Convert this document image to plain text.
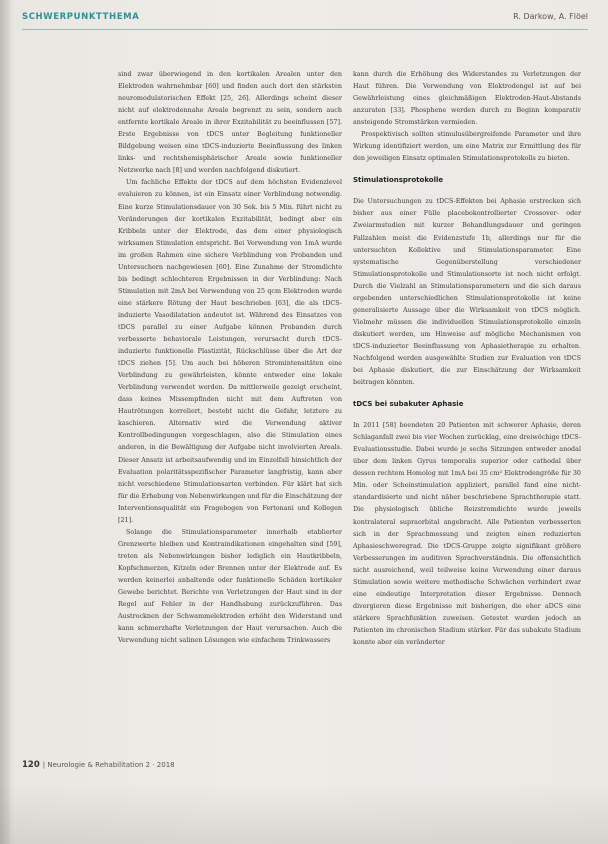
SCHWERPUNKTTHEMA	R. Darkow, A. Flöel

sind zwar überwiegend in den kortikalen Arealen unter den Elektroden wahrnehmbar [60] und finden auch dort den stärksten neuromodulatorischen Effekt [25, 26]. Allerdings scheint dieser nicht auf elektrodennahe Areale begrenzt zu sein, sondern auch entfernte kortikale Areale in ihrer Exzitabilität zu beeinflussen [57]. Erste Ergebnisse von tDCS unter Begleitung funktioneller Bildgebung weisen eine tDCS-induzierte Beeinflussung des linken links- und rechtshemisphärischer Areale sowie funktioneller Netzwerke nach [8] und werden nachfolgend diskutiert.

Um fachliche Effekte der tDCS auf dem höchsten Evidenzlevel evaluieren zu können, ist ein Einsatz einer Verblindung notwendig. Eine kurze Stimulationsdauer von 30 Sek. bis 5 Min. führt nicht zu Veränderungen der kortikalen Exzitabilität, bedingt aber ein Kribbeln unter der Elektrode, das dem einer physiologisch wirksamen Stimulation entspricht. Bei Verwendung von 1mA wurde im großen Rahmen eine sichere Verblindung von Probanden und Untersuchern nachgewiesen [60]. Eine Zunahme der Stromdichte bis bedingt schlechteren Ergebnissen in der Verblindung: Nach Stimulation mit 2mA bei Verwendung von 25 qcm Elektroden wurde eine stärkere Rötung der Haut beschrieben [63], die als tDCS-induzierte Vasodilatation andeutet ist. Während des Einsatzes von tDCS parallel zu einer Aufgabe können Probanden durch verbesserte behaviorale Leistungen, verursacht durch tDCS-induzierte funktionelle Plastizität, Rückschlüsse über die Art der tDCS ziehen [5]. Um auch bei höheren Stromintensitäten eine Verblindung zu gewährleisten, könnte entweder eine lokale Verblindung verwendet werden. Da mittlerweile gezeigt erscheint, dass keines Missempfinden nicht mit dem Auftreten von Hautrötungen korreliert, besteht nicht die Gefahr, letztere zu kaschieren. Alternativ wird die Verwendung aktiver Kontrollbedingungen vorgeschlagen, also die Stimulation eines anderen, in die Bewältigung der Aufgabe nicht involvierten Areals. Dieser Ansatz ist arbeitsaufwendig und im Einzelfall hinsichtlich der Evaluation polaritätsspezifischer Parameter langfristig, kann aber nicht verschiedene Stimulationsarten verbinden. Für klärt hat sich für die Erhebung von Nebenwirkungen und für die Einschätzung der Interventionsqualität ein Fragebogen von Fertonani und Kollegen [21].

Solange die Stimulationsparameter innerhalb etablierter Grenzwerte bleiben und Kontraindikationen eingehalten sind [59], treten als Nebenwirkungen bisher lediglich ein Hautkribbeln, Kopfschmerzen, Kitzeln oder Brennen unter der Elektrode auf. Es werden keinerlei anhaltende oder funktionelle Schäden kortikaler Gewebe berichtet. Berichte von Verletzungen der Haut sind in der Regel auf Fehler in der Handhabung zurückzuführen. Das Austrocknen der Schwammelektroden erhöht den Widerstand und kann schmerzhafte Verletzungen der Haut verursachen. Auch die Verwendung nicht salinen Lösungen wie einfachem Trinkwassers

kann durch die Erhöhung des Widerstandes zu Verletzungen der Haut führen. Die Verwendung von Elektrodengel ist auf bei Gewährleistung eines gleichmäßigen Elektroden-Haut-Abstands anzuraten [33]. Phosphene werden durch zu Beginn komparativ ansteigende Stromstärken vermieden.

Prospektivisch sollten stimulusübergreifende Parameter und ihre Wirkung identifiziert werden, um eine Matrix zur Ermittlung des für den jeweiligen Einsatz optimalen Stimulationsprotokolls zu bieten.

Stimulationsprotokolle

Die Untersuchungen zu tDCS-Effekten bei Aphasie erstrecken sich bisher aus einer Fülle placebokontrollierter Crossover- oder Zweiarmstudien mit kurzer Behandlungsdauer und geringen Fallzahlen meist die Evidenzstufe 1b, allerdings nur für die untersuchten Kollektive und Stimulationsparameter. Eine systematische Gegenüberstellung verschiedener Stimulationsprotokolle und Stimulationsorte ist noch nicht erfolgt. Durch die Vielzahl an Stimulationsparametern und die sich daraus ergebenden unterschiedlichen Stimulationsprotokolle ist keine generalisierte Aussage über die Wirksamkeit von tDCS möglich. Vielmehr müssen die individuellen Stimulationsprotokolle einzeln diskutiert werden, um Hinweise auf mögliche Mechanismen von tDCS-induzierter Beeinflussung von Aphasietherapie zu erhalten. Nachfolgend werden ausgewählte Studien zur Evaluation von tDCS bei Aphasie diskutiert, die zur Einschätzung der Wirksamkeit beitragen könnten.

tDCS bei subakuter Aphasie

In 2011 [58] beendeten 20 Patienten mit schwerer Aphasie, deren Schlaganfall zwei bis vier Wochen zurücklag, eine dreiwöchige tDCS-Evaluationsstudie. Dabei wurde je sechs Sitzungen entweder anodal über dem linken Gyrus temporalis superior oder cathodal über dessen rechtem Homolog mit 1mA bei 35 cm² Elektrodengröße für 30 Min. oder Scheinstimulation appliziert, parallel fand eine nicht-standardisierte und nicht näher beschriebene Sprachtherapie statt. Die physiologisch übliche Reizstromdichte wurde jeweils kontralateral supraorbital angebracht. Alle Patienten verbesserten sich in der Sprachmessung und zeigten einen reduzierten Aphasieschweregrad. Die tDCS-Gruppe zeigte signifikant größere Verbesserungen im auditiven Sprachverständnis. Die offensichtlich nicht ausreichend, weil teilweise keine Verwendung einer daraus Stimulation sowie weitere methodische Schwächen verhindert zwar eine eindeutige Interpretation dieser Ergebnisse. Dennoch divergieren diese Ergebnisse mit bisherigen, die eher aDCS eine stärkere Sprachfunktion zuweisen. Getestet wurden jedoch an Patienten im chronischen Stadium stärker. Für das subakute Stadium konnte aber ein veränderter

120 | Neurologie & Rehabilitation 2 · 2018
